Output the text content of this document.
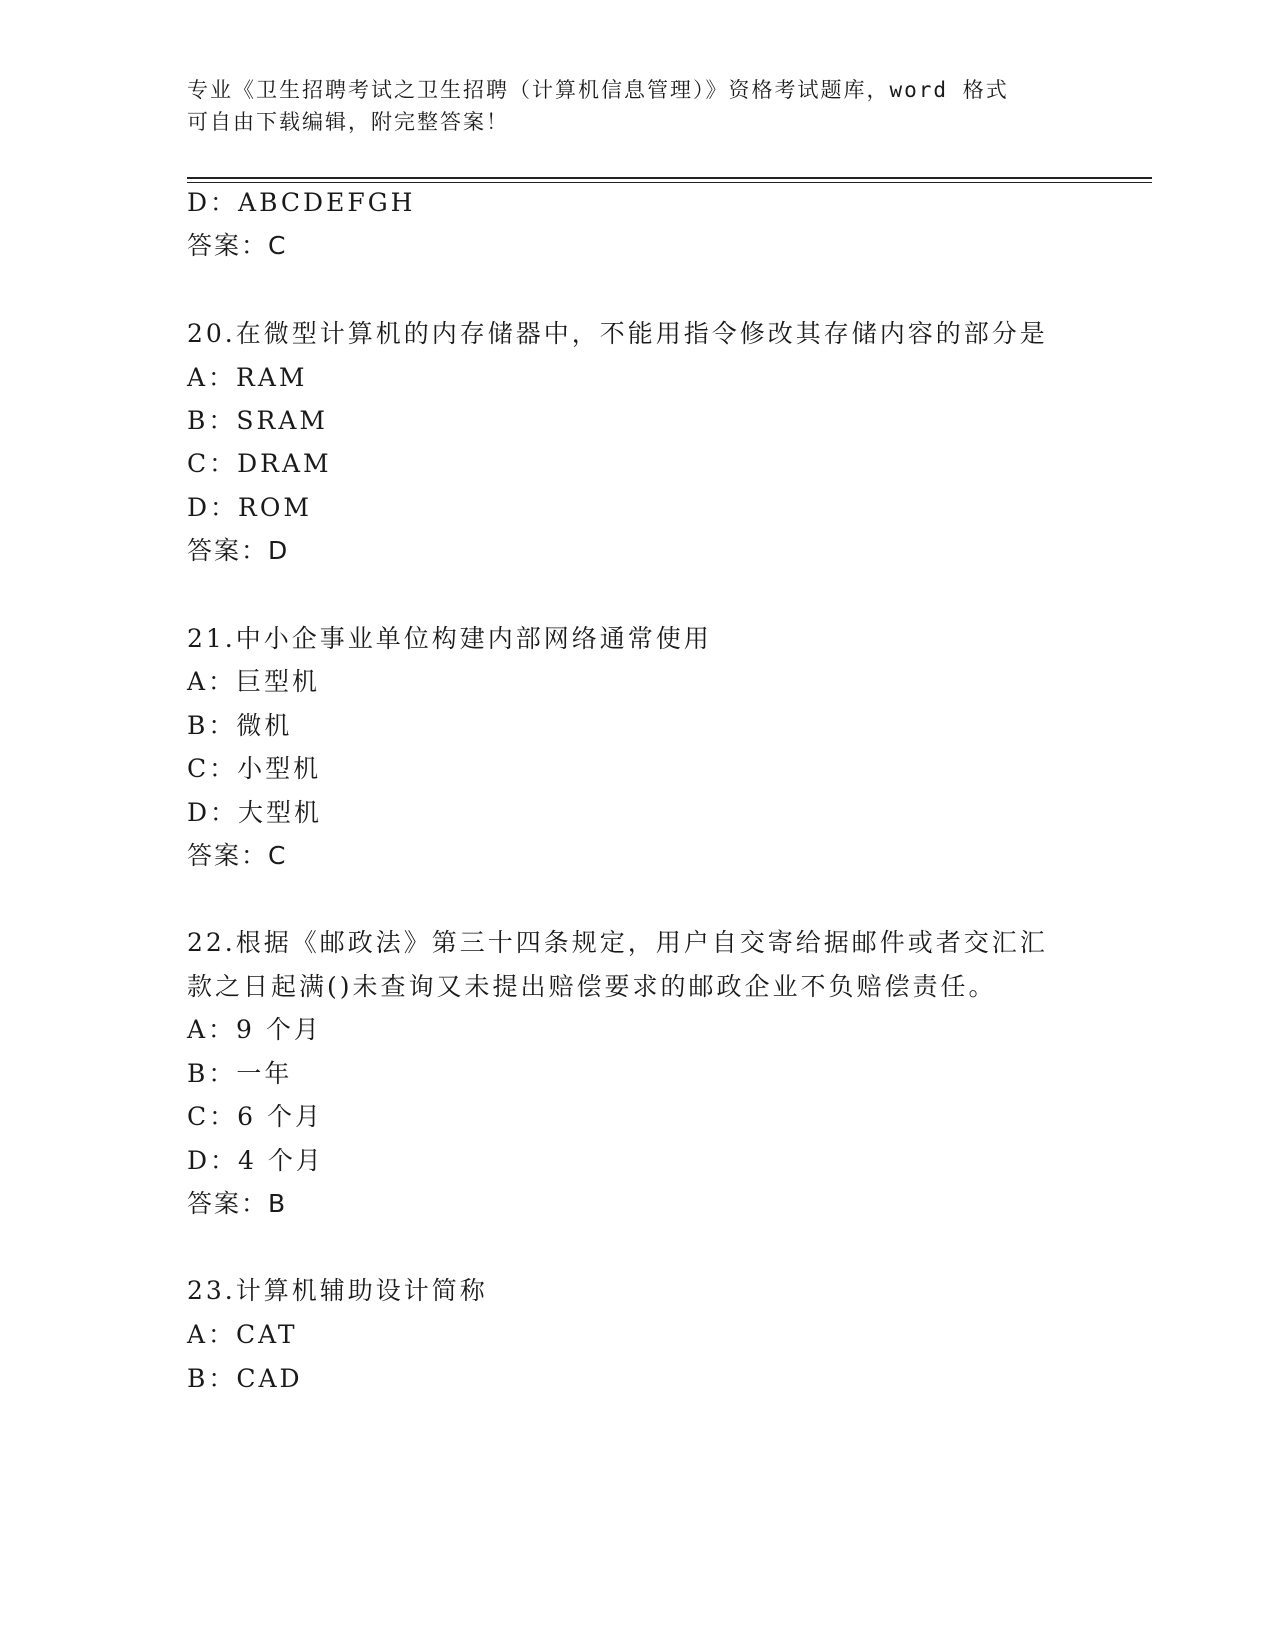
专业《卫生招聘考试之卫生招聘（计算机信息管理）》资格考试题库，word 格式
可自由下载编辑，附完整答案！
D：ABCDEFGH
答案：C
20.在微型计算机的内存储器中，不能用指令修改其存储内容的部分是
A：RAM
B：SRAM
C：DRAM
D：ROM
答案：D
21.中小企事业单位构建内部网络通常使用
A：巨型机
B：微机
C：小型机
D：大型机
答案：C
22.根据《邮政法》第三十四条规定，用户自交寄给据邮件或者交汇汇
款之日起满()未查询又未提出赔偿要求的邮政企业不负赔偿责任。
A：9 个月
B：一年
C：6 个月
D：4 个月
答案：B
23.计算机辅助设计简称
A：CAT
B：CAD
